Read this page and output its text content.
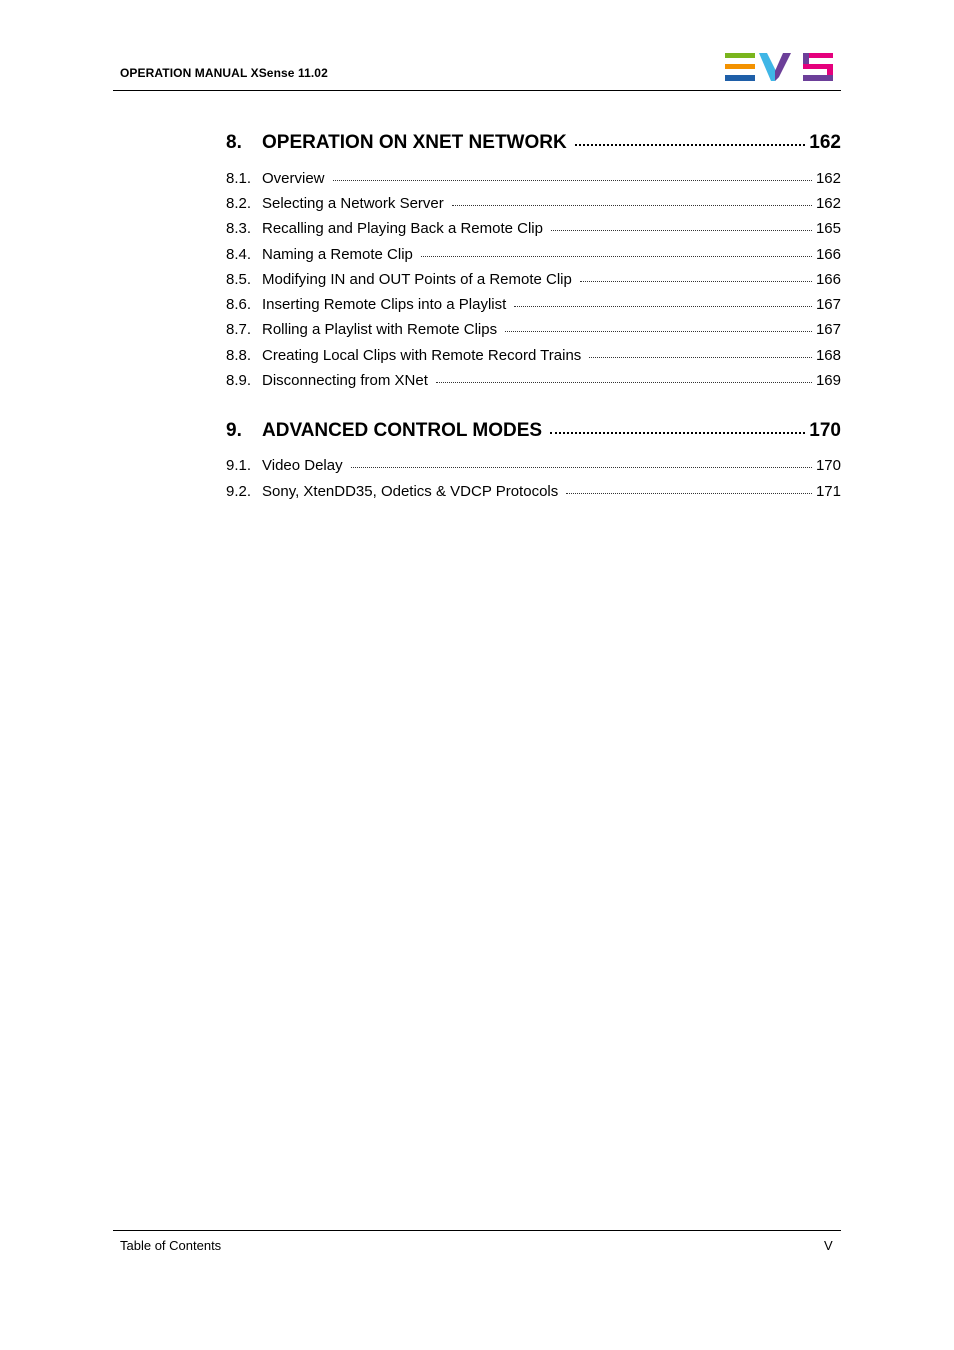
OPERATION MANUAL XSense 11.02
8.	OPERATION ON XNET NETWORK	162
8.1. Overview	162
8.2. Selecting a Network Server	162
8.3. Recalling and Playing Back a Remote Clip	165
8.4. Naming a Remote Clip	166
8.5. Modifying IN and OUT Points of a Remote Clip	166
8.6. Inserting Remote Clips into a Playlist	167
8.7. Rolling a Playlist with Remote Clips	167
8.8. Creating Local Clips with Remote Record Trains	168
8.9. Disconnecting from XNet	169
9.	ADVANCED CONTROL MODES	170
9.1. Video Delay	170
9.2. Sony, XtenDD35, Odetics & VDCP Protocols	171
Table of Contents	V
